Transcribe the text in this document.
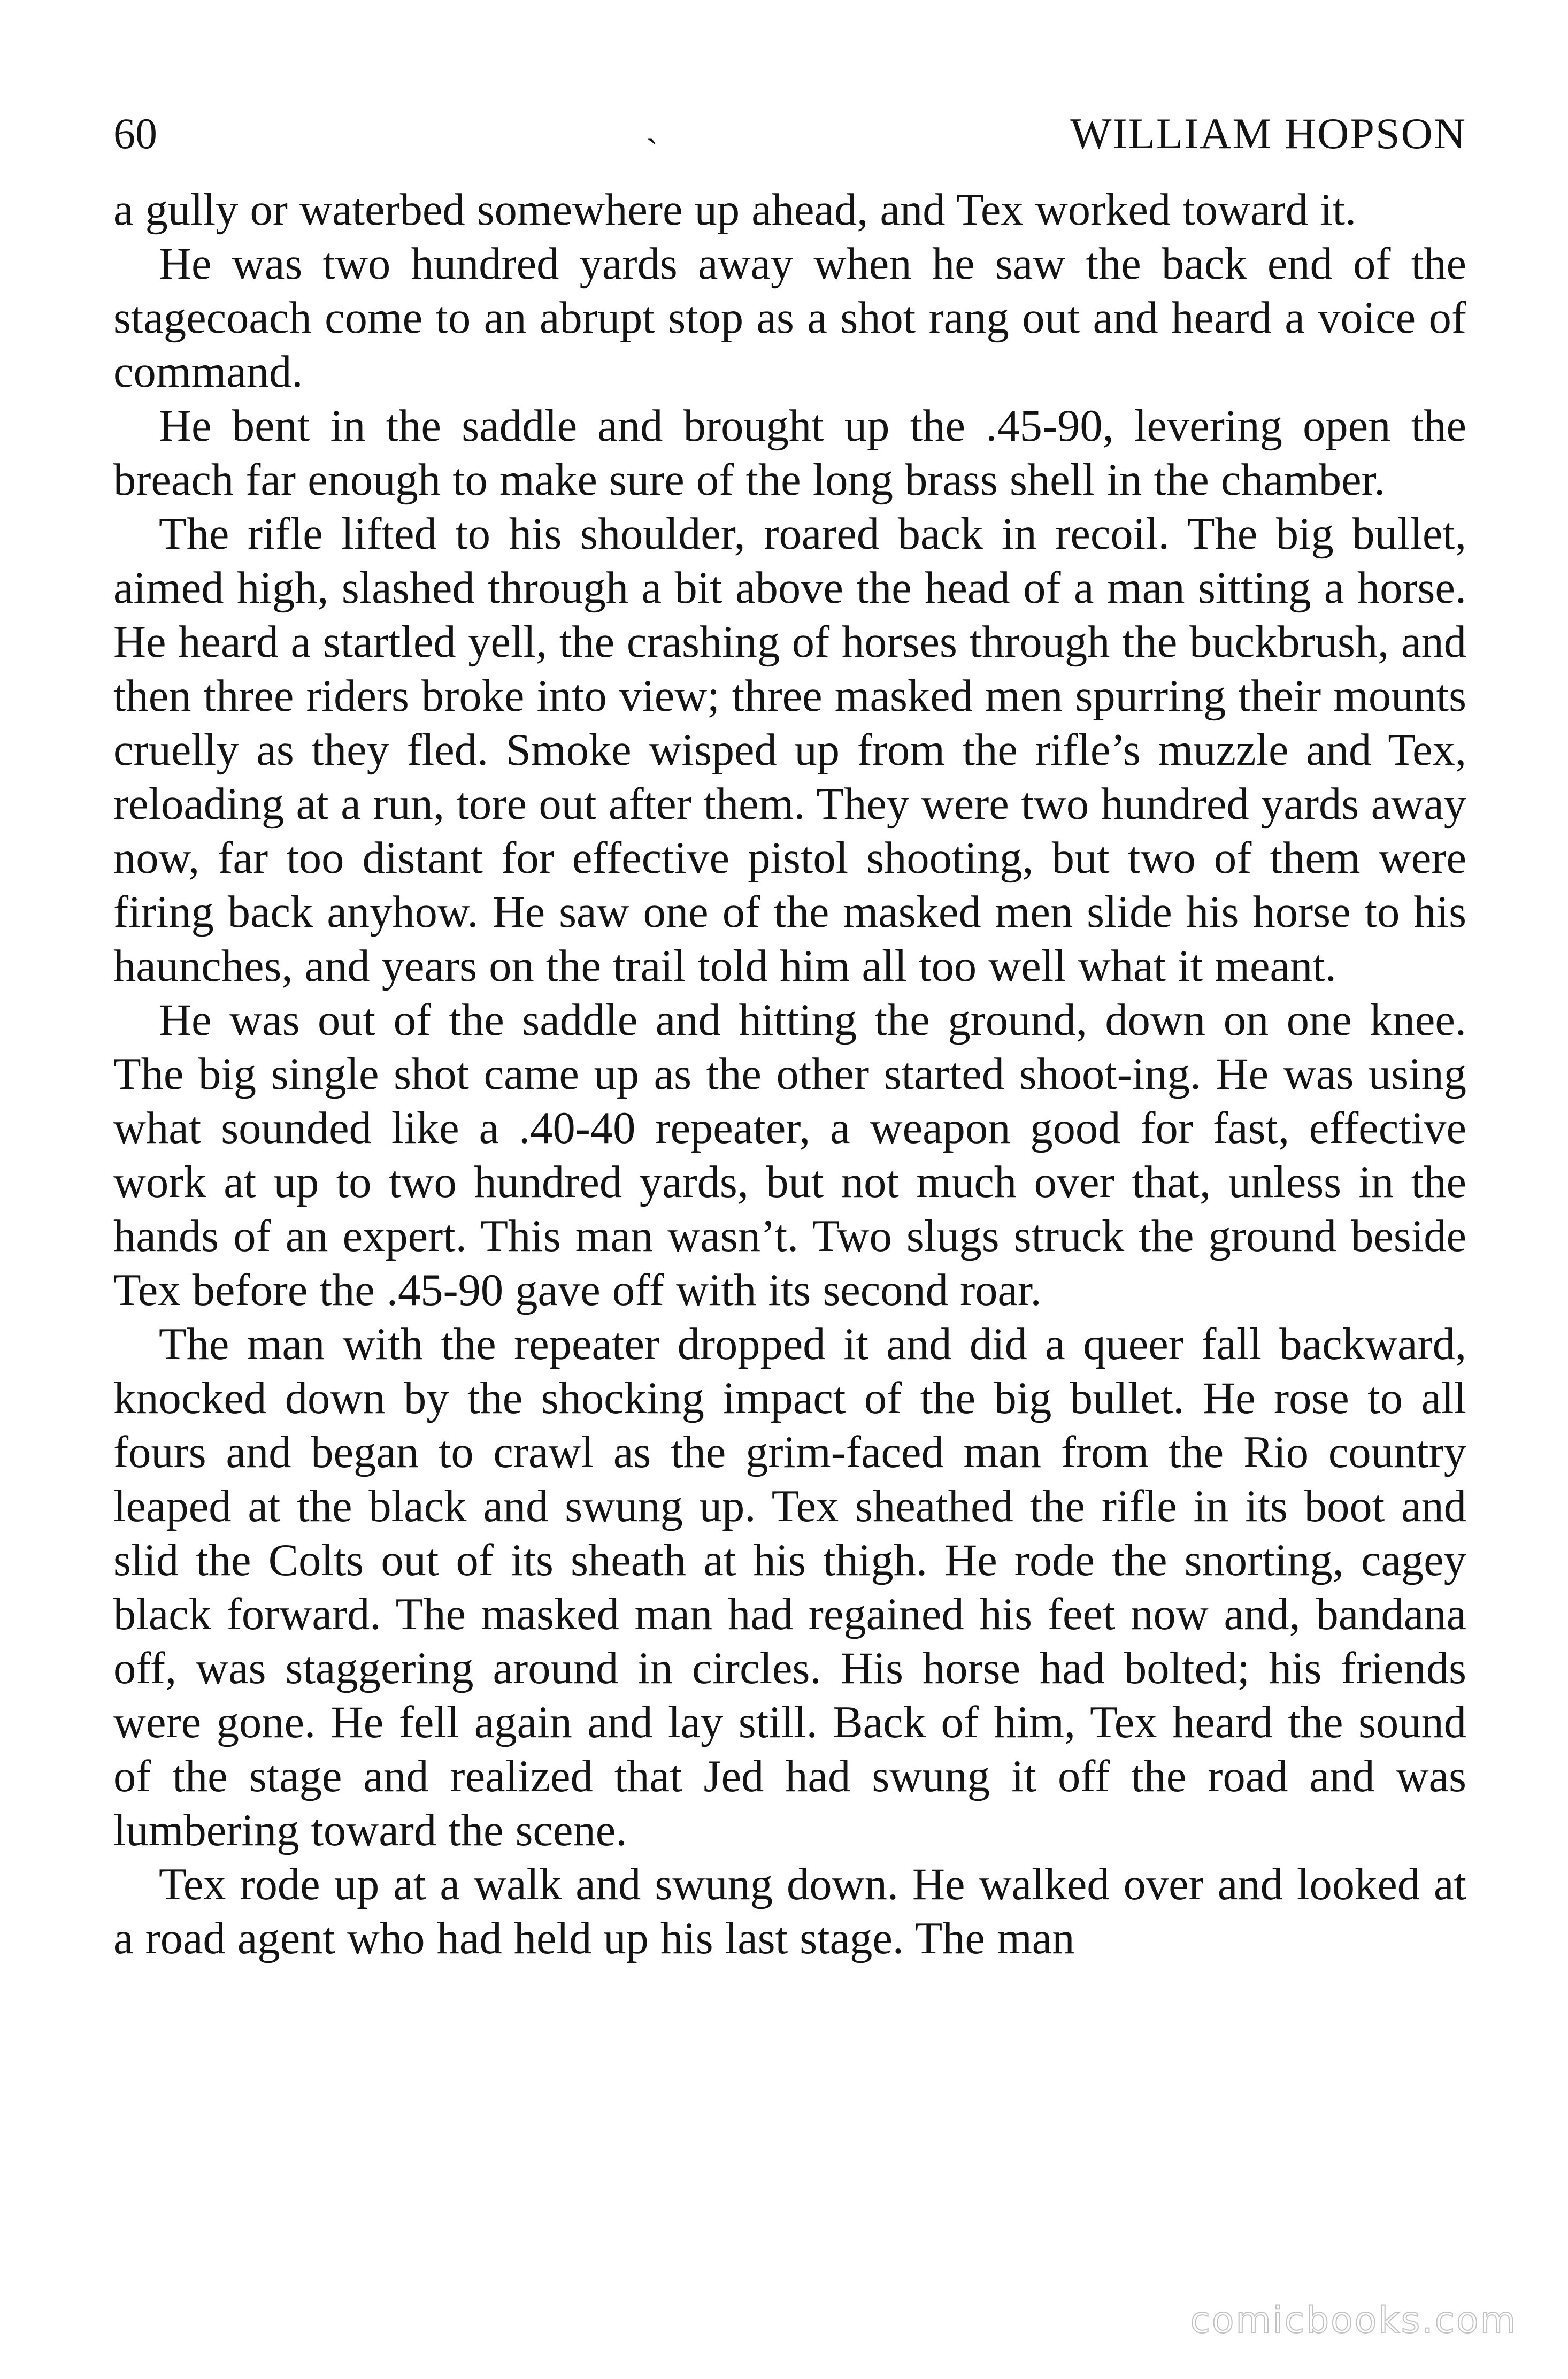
60	ˎ	WILLIAM HOPSON

a gully or waterbed somewhere up ahead, and Tex worked toward it.

He was two hundred yards away when he saw the back end of the stagecoach come to an abrupt stop as a shot rang out and heard a voice of command.

He bent in the saddle and brought up the .45-90, levering open the breach far enough to make sure of the long brass shell in the chamber.

The rifle lifted to his shoulder, roared back in recoil. The big bullet, aimed high, slashed through a bit above the head of a man sitting a horse. He heard a startled yell, the crashing of horses through the buckbrush, and then three riders broke into view; three masked men spurring their mounts cruelly as they fled. Smoke wisped up from the rifle’s muzzle and Tex, reloading at a run, tore out after them. They were two hundred yards away now, far too distant for effective pistol shooting, but two of them were firing back anyhow. He saw one of the masked men slide his horse to his haunches, and years on the trail told him all too well what it meant.

He was out of the saddle and hitting the ground, down on one knee. The big single shot came up as the other started shoot-ing. He was using what sounded like a .40-40 repeater, a weapon good for fast, effective work at up to two hundred yards, but not much over that, unless in the hands of an expert. This man wasn’t. Two slugs struck the ground beside Tex before the .45-90 gave off with its second roar.

The man with the repeater dropped it and did a queer fall backward, knocked down by the shocking impact of the big bullet. He rose to all fours and began to crawl as the grim-faced man from the Rio country leaped at the black and swung up. Tex sheathed the rifle in its boot and slid the Colts out of its sheath at his thigh. He rode the snorting, cagey black forward. The masked man had regained his feet now and, bandana off, was staggering around in circles. His horse had bolted; his friends were gone. He fell again and lay still. Back of him, Tex heard the sound of the stage and realized that Jed had swung it off the road and was lumbering toward the scene.

Tex rode up at a walk and swung down. He walked over and looked at a road agent who had held up his last stage. The man

comicbooks.com
